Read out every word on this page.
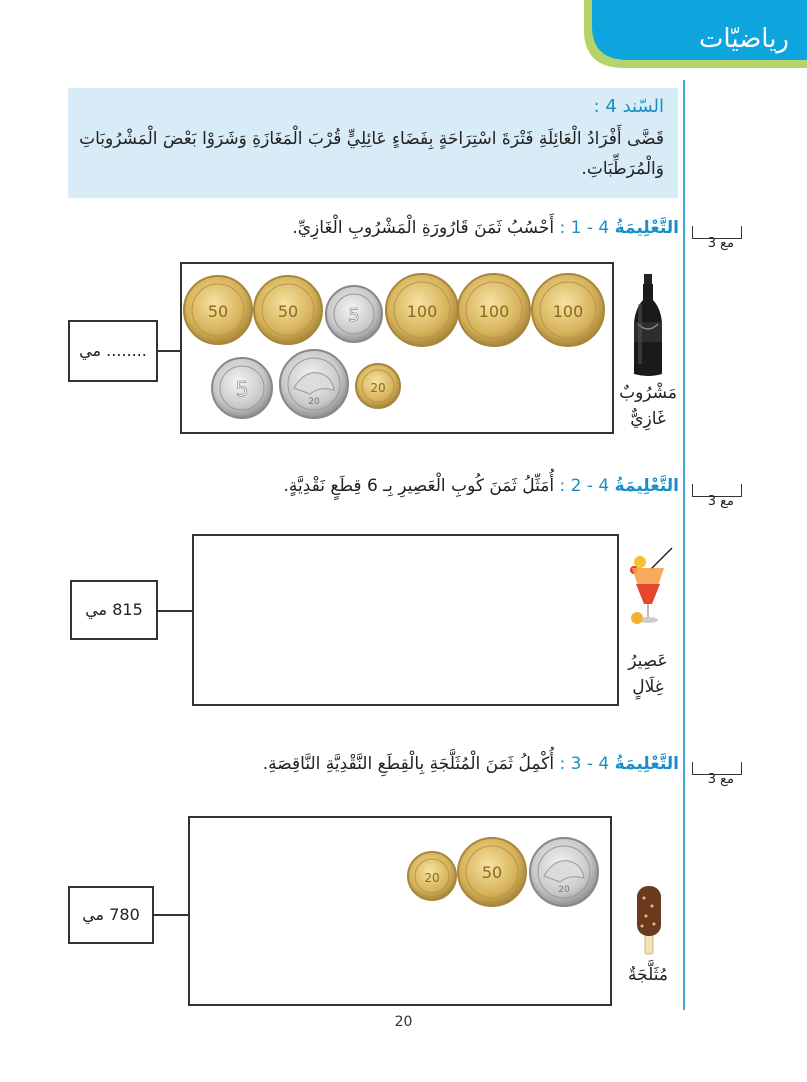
رياضيّات
السّند 4 :
قَضَّى أَفْرَادُ الْعَائِلَةِ فَتْرَةَ اسْتِرَاحَةٍ بِفَضَاءٍ عَائِلِيٍّ قُرْبَ الْمَغَازَةِ وَشَرَوْا بَعْضَ الْمَشْرُوبَاتِ وَالْمُرَطِّبَاتِ.
التَّعْلِيمَةُ 4 - 1 : أَحْسُبُ ثَمَنَ قَارُورَةِ الْمَشْرُوبِ الْغَازِيِّ.
مع 3
50	50	5	100	100	100
5
20
20
........ مي
مَشْرُوبٌ
غَازِيٌّ
التَّعْلِيمَةُ 4 - 2 : أُمَثِّلُ ثَمَنَ كُوبِ الْعَصِيرِ بِـ 6 قِطَعٍ نَقْدِيَّةٍ.
مع 3
815 مي
عَصِيرُ
غِلَالٍ
التَّعْلِيمَةُ 4 - 3 : أُكْمِلُ ثَمَنَ الْمُثَلَّجَةِ بِالْقِطَعِ النَّقْدِيَّةِ النَّاقِصَةِ.
مع 3
20	50
20
780 مي
مُثَلَّجَةٌ
20
